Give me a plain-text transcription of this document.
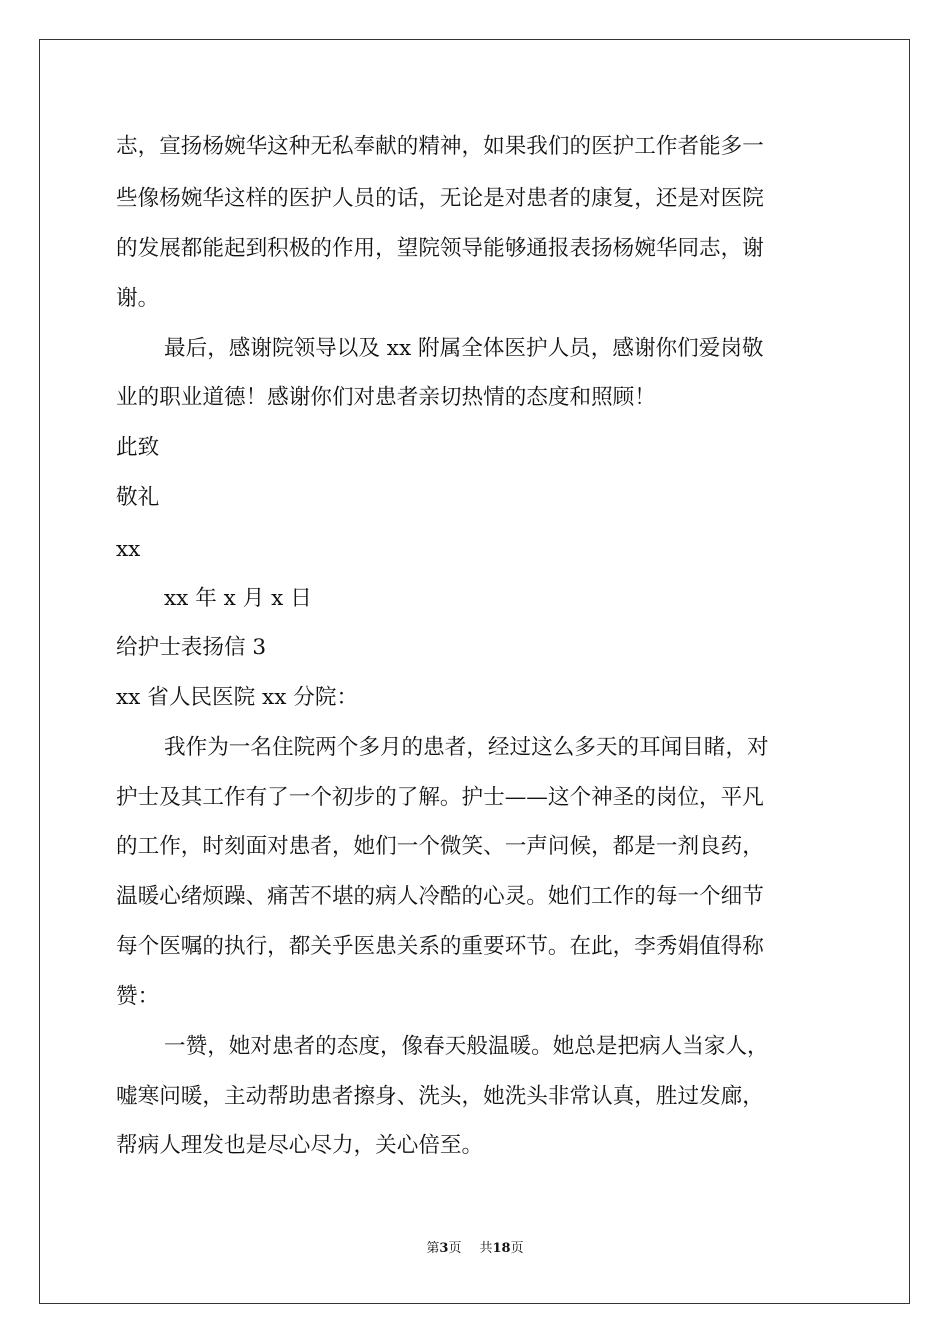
志，宣扬杨婉华这种无私奉献的精神，如果我们的医护工作者能多一
些像杨婉华这样的医护人员的话，无论是对患者的康复，还是对医院
的发展都能起到积极的作用，望院领导能够通报表扬杨婉华同志，谢
谢。
最后，感谢院领导以及 xx 附属全体医护人员，感谢你们爱岗敬
业的职业道德！感谢你们对患者亲切热情的态度和照顾！
此致
敬礼
xx
xx 年 x 月 x 日
给护士表扬信 3
xx 省人民医院 xx 分院：
我作为一名住院两个多月的患者，经过这么多天的耳闻目睹，对
护士及其工作有了一个初步的了解。护士——这个神圣的岗位，平凡
的工作，时刻面对患者，她们一个微笑、一声问候，都是一剂良药，
温暖心绪烦躁、痛苦不堪的病人冷酷的心灵。她们工作的每一个细节
每个医嘱的执行，都关乎医患关系的重要环节。在此，李秀娟值得称
赞：
一赞，她对患者的态度，像春天般温暖。她总是把病人当家人，
嘘寒问暖，主动帮助患者擦身、洗头，她洗头非常认真，胜过发廊，
帮病人理发也是尽心尽力，关心倍至。
第3页 共18页
